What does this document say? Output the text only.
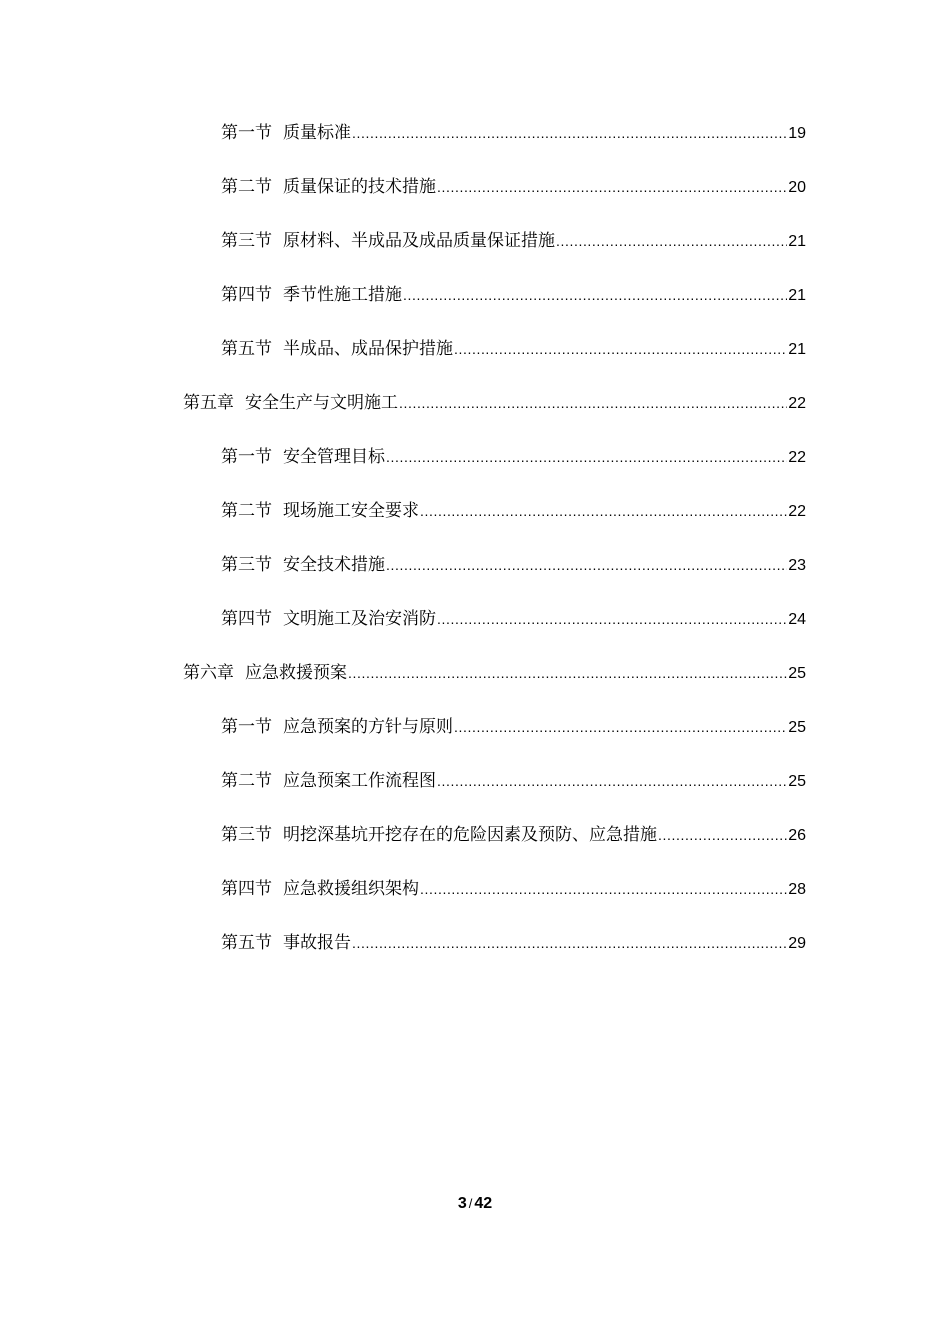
第一节 质量标准 .....	19
第二节 质量保证的技术措施 .....	20
第三节 原材料、半成品及成品质量保证措施 .....	21
第四节 季节性施工措施 .....	21
第五节 半成品、成品保护措施 .....	21
第五章 安全生产与文明施工 .....	22
第一节 安全管理目标 .....	22
第二节 现场施工安全要求 .....	22
第三节 安全技术措施 .....	23
第四节 文明施工及治安消防 .....	24
第六章 应急救援预案 .....	25
第一节 应急预案的方针与原则 .....	25
第二节 应急预案工作流程图 .....	25
第三节 明挖深基坑开挖存在的危险因素及预防、应急措施 .....	26
第四节 应急救援组织架构 .....	28
第五节 事故报告 .....	29
3 / 42
